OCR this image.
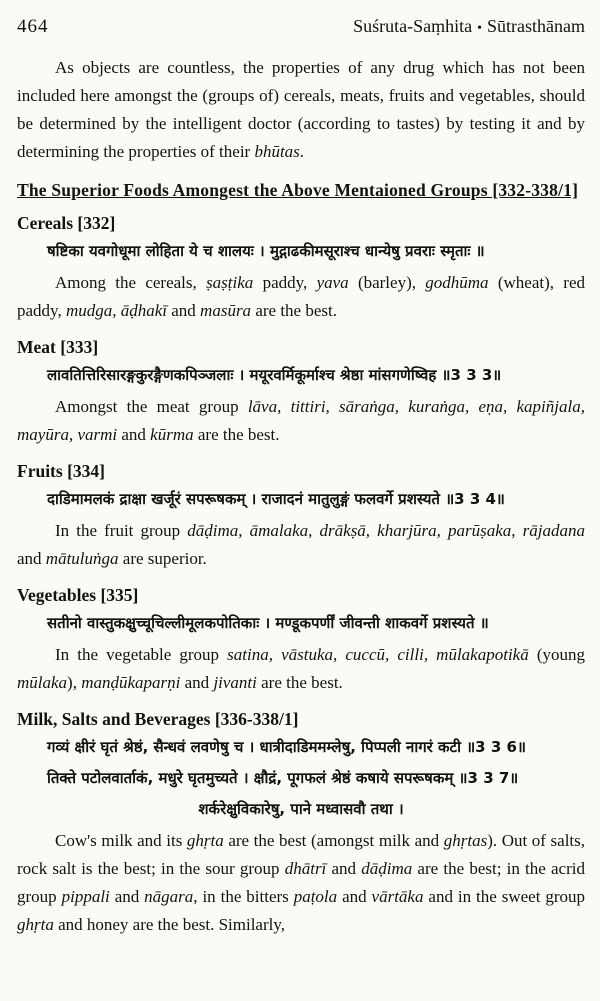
464	Suśruta-Saṃhita • Sūtrasthānam

As objects are countless, the properties of any drug which has not been included here amongst the (groups of) cereals, meats, fruits and vegetables, should be determined by the intelligent doctor (according to tastes) by testing it and by determining the properties of their bhūtas.

The Superior Foods Amongest the Above Mentaioned Groups [332-338/1]
Cereals [332]
षष्टिका यवगोधूमा लोहिता ये च शालयः । मुद्गाढकीमसूराश्च धान्येषु प्रवराः स्मृताः ॥

Among the cereals, ṣaṣṭika paddy, yava (barley), godhūma (wheat), red paddy, mudga, āḍhakī and masūra are the best.

Meat [333]
लावतित्तिरिसारङ्गकुरङ्गैणकपिञ्जलाः । मयूरवर्मिकूर्माश्च श्रेष्ठा मांसगणेष्विह ॥3 3 3॥

Amongst the meat group lāva, tittiri, sāraṅga, kuraṅga, eṇa, kapiñjala, mayūra, varmi and kūrma are the best.

Fruits [334]
दाडिमामलकं द्राक्षा खर्जूरं सपरूषकम् । राजादनं मातुलुङ्गं फलवर्गे प्रशस्यते ॥3 3 4॥

In the fruit group dāḍima, āmalaka, drākṣā, kharjūra, parūṣaka, rājadana and mātuluṅga are superior.

Vegetables [335]
सतीनो वास्तुकक्षुच्चूचिल्लीमूलकपोतिकाः । मण्डूकपर्णीं जीवन्ती शाकवर्गे प्रशस्यते ॥

In the vegetable group satina, vāstuka, cuccū, cilli, mūlakapotikā (young mūlaka), manḍūkaparṇi and jivanti are the best.

Milk, Salts and Beverages [336-338/1]
गव्यं क्षीरं घृतं श्रेष्ठं, सैन्धवं लवणेषु च । धात्रीदाडिममम्लेषु, पिप्पली नागरं कटी ॥3 3 6॥
तिक्ते पटोलवार्ताकं, मधुरे घृतमुच्यते । क्षौद्रं, पूगफलं श्रेष्ठं कषाये सपरूषकम् ॥3 3 7॥
शर्करेक्षुविकारेषु, पाने मध्वासवौ तथा ।

Cow's milk and its ghṛta are the best (amongst milk and ghṛtas). Out of salts, rock salt is the best; in the sour group dhātrī and dāḍima are the best; in the acrid group pippali and nāgara, in the bitters paṭola and vārtāka and in the sweet group ghṛta and honey are the best. Similarly,
